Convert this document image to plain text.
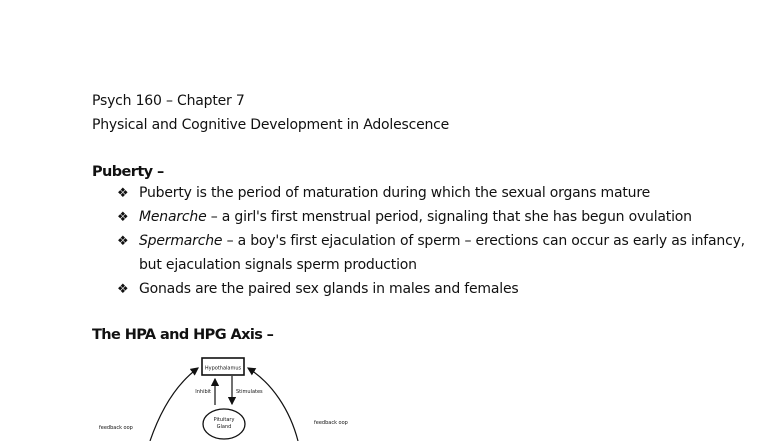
Psych 160 – Chapter 7
Physical and Cognitive Development in Adolescence
Puberty –
❖ Puberty is the period of maturation during which the sexual organs mature
❖ Menarche – a girl's first menstrual period, signaling that she has begun ovulation
❖ Spermarche – a boy's first ejaculation of sperm – erections can occur as early as infancy,
but ejaculation signals sperm production
❖ Gonads are the paired sex glands in males and females
The HPA and HPG Axis –
Hypothalamus
Inhibit	Stimulates
Pituitary
Gland
feedback oop
feedback oop
